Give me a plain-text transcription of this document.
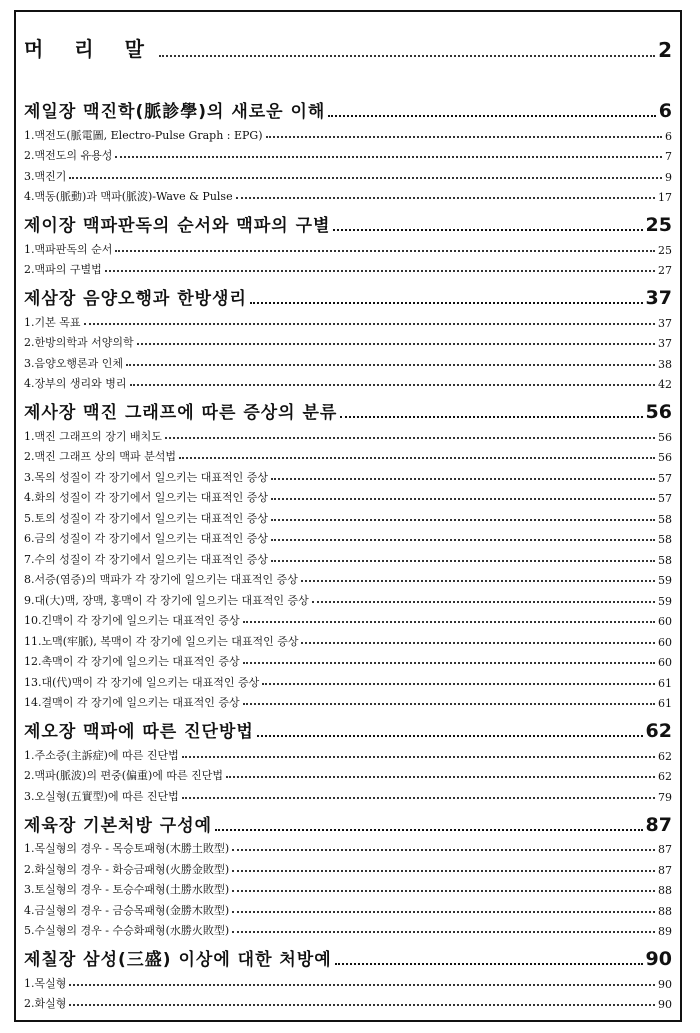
머 리 말	2
제일장 맥진학(脈診學)의 새로운 이해	6
1.맥전도(脈電圖, Electro-Pulse Graph : EPG)	6
2.맥전도의 유용성	7
3.맥진기	9
4.맥동(脈動)과 맥파(脈波)-Wave & Pulse	17
제이장 맥파판독의 순서와 맥파의 구별	25
1.맥파판독의 순서	25
2.맥파의 구별법	27
제삼장 음양오행과 한방생리	37
1.기본 목표	37
2.한방의학과 서양의학	37
3.음양오행론과 인체	38
4.장부의 생리와 병리	42
제사장 맥진 그래프에 따른 증상의 분류	56
1.맥진 그래프의 장기 배치도	56
2.맥진 그래프 상의 맥파 분석법	56
3.목의 성질이 각 장기에서 일으키는 대표적인 증상	57
4.화의 성질이 각 장기에서 일으키는 대표적인 증상	57
5.토의 성질이 각 장기에서 일으키는 대표적인 증상	58
6.금의 성질이 각 장기에서 일으키는 대표적인 증상	58
7.수의 성질이 각 장기에서 일으키는 대표적인 증상	58
8.서증(염증)의 맥파가 각 장기에 일으키는 대표적인 증상	59
9.대(大)맥, 장맥, 홍맥이 각 장기에 일으키는 대표적인 증상	59
10.긴맥이 각 장기에 일으키는 대표적인 증상	60
11.노맥(牢脈), 복맥이 각 장기에 일으키는 대표적인 증상	60
12.촉맥이 각 장기에 일으키는 대표적인 증상	60
13.대(代)맥이 각 장기에 일으키는 대표적인 증상	61
14.결맥이 각 장기에 일으키는 대표적인 증상	61
제오장 맥파에 따른 진단방법	62
1.주소증(主訴症)에 따른 진단법	62
2.맥파(脈波)의 편중(偏重)에 따른 진단법	62
3.오실형(五實型)에 따른 진단법	79
제육장 기본처방 구성예	87
1.목실형의 경우 - 목승토패형(木勝土敗型)	87
2.화실형의 경우 - 화승금패형(火勝金敗型)	87
3.토실형의 경우 - 토승수패형(土勝水敗型)	88
4.금실형의 경우 - 금승목패형(金勝木敗型)	88
5.수실형의 경우 - 수승화패형(水勝火敗型)	89
제칠장 삼성(三盛) 이상에 대한 처방예	90
1.목실형	90
2.화실형	90
